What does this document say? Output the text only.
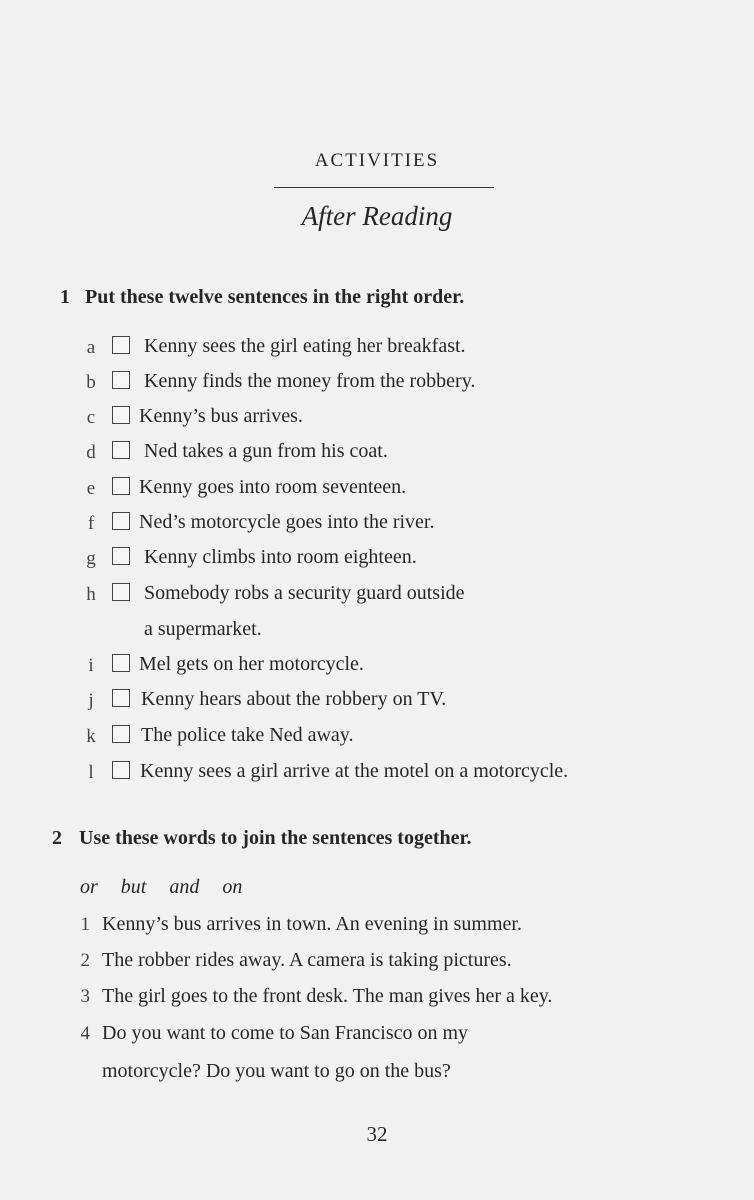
ACTIVITIES
After Reading
1 Put these twelve sentences in the right order.
a Kenny sees the girl eating her breakfast.
b Kenny finds the money from the robbery.
c Kenny’s bus arrives.
d Ned takes a gun from his coat.
e Kenny goes into room seventeen.
f	Ned’s motorcycle goes into the river.
g Kenny climbs into room eighteen.
h Somebody robs a security guard outside
a supermarket.
i	Mel gets on her motorcycle.
j	Kenny hears about the robbery on TV.
k The police take Ned away.
l	Kenny sees a girl arrive at the motel on a motorcycle.
2 Use these words to join the sentences together.
or but and on
1 Kenny’s bus arrives in town. An evening in summer.
2 The robber rides away. A camera is taking pictures.
3 The girl goes to the front desk. The man gives her a key.
4 Do you want to come to San Francisco on my
motorcycle? Do you want to go on the bus?
32
